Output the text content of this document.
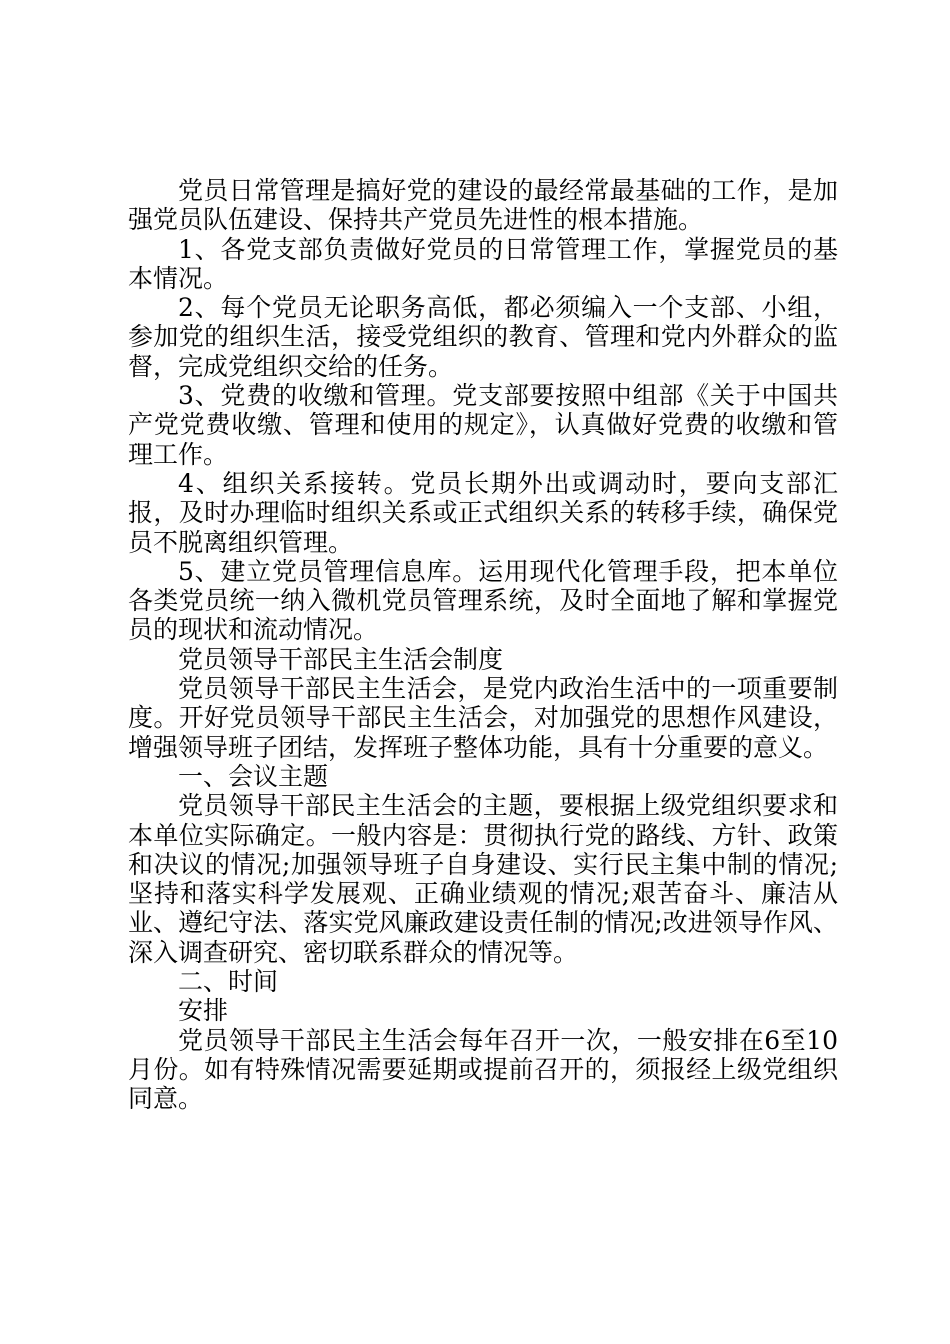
党员日常管理是搞好党的建设的最经常最基础的工作，是加强党员队伍建设、保持共产党员先进性的根本措施。

1、各党支部负责做好党员的日常管理工作，掌握党员的基本情况。

2、每个党员无论职务高低，都必须编入一个支部、小组，参加党的组织生活，接受党组织的教育、管理和党内外群众的监督，完成党组织交给的任务。

3、党费的收缴和管理。党支部要按照中组部《关于中国共产党党费收缴、管理和使用的规定》，认真做好党费的收缴和管理工作。

4、组织关系接转。党员长期外出或调动时，要向支部汇报，及时办理临时组织关系或正式组织关系的转移手续，确保党员不脱离组织管理。

5、建立党员管理信息库。运用现代化管理手段，把本单位各类党员统一纳入微机党员管理系统，及时全面地了解和掌握党员的现状和流动情况。

党员领导干部民主生活会制度

党员领导干部民主生活会，是党内政治生活中的一项重要制度。开好党员领导干部民主生活会，对加强党的思想作风建设，增强领导班子团结，发挥班子整体功能，具有十分重要的意义。

一、会议主题

党员领导干部民主生活会的主题，要根据上级党组织要求和本单位实际确定。一般内容是：贯彻执行党的路线、方针、政策和决议的情况;加强领导班子自身建设、实行民主集中制的情况;坚持和落实科学发展观、正确业绩观的情况;艰苦奋斗、廉洁从业、遵纪守法、落实党风廉政建设责任制的情况;改进领导作风、深入调查研究、密切联系群众的情况等。

二、时间

安排

党员领导干部民主生活会每年召开一次，一般安排在6至10月份。如有特殊情况需要延期或提前召开的，须报经上级党组织同意。
